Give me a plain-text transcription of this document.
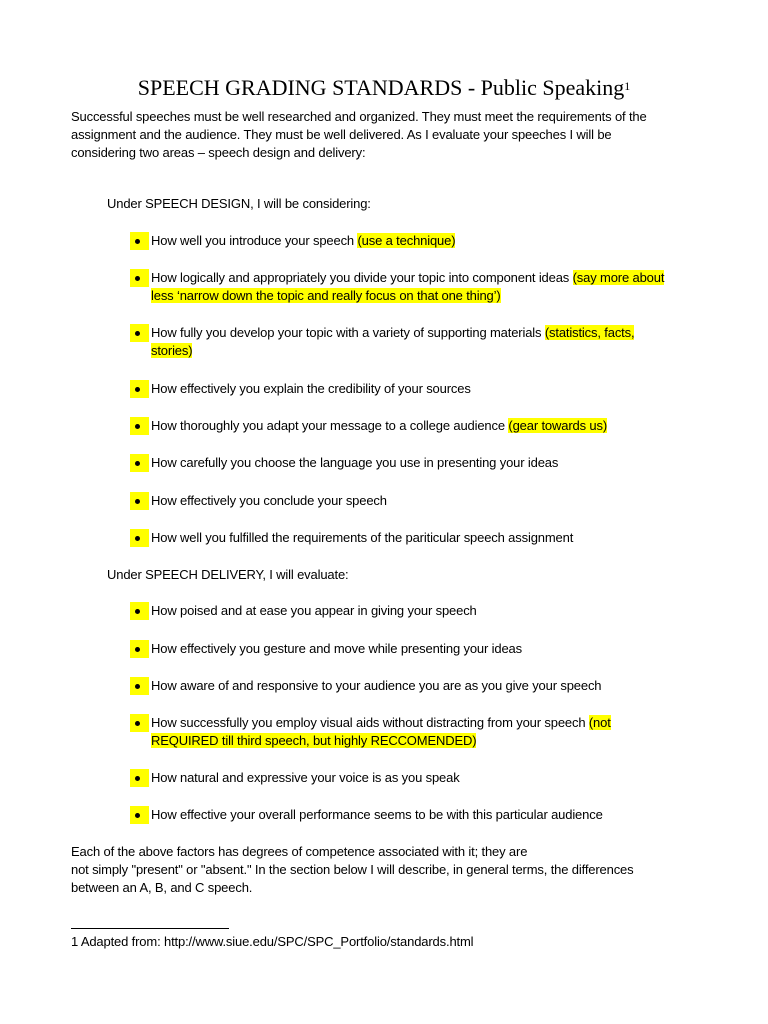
SPEECH GRADING STANDARDS - Public Speaking$^1$

Successful speeches must be well researched and organized. They must meet the requirements of the
assignment and the audience. They must be well delivered. As I evaluate your speeches I will be
considering two areas – speech design and delivery:

Under SPEECH DESIGN, I will be considering:

How well you introduce your speech (use a technique)
How logically and appropriately you divide your topic into component ideas (say more about less ‘narrow down the topic and really focus on that one thing’)
How fully you develop your topic with a variety of supporting materials (statistics, facts, stories)
How effectively you explain the credibility of your sources
How thoroughly you adapt your message to a college audience (gear towards us)
How carefully you choose the language you use in presenting your ideas
How effectively you conclude your speech
How well you fulfilled the requirements of the pariticular speech assignment

Under SPEECH DELIVERY, I will evaluate:

How poised and at ease you appear in giving your speech
How effectively you gesture and move while presenting your ideas
How aware of and responsive to your audience you are as you give your speech
How successfully you employ visual aids without distracting from your speech (not REQUIRED till third speech, but highly RECCOMENDED)
How natural and expressive your voice is as you speak
How effective your overall performance seems to be with this particular audience

Each of the above factors has degrees of competence associated with it; they are
not simply "present" or "absent." In the section below I will describe, in general terms, the differences
between an A, B, and C speech.

1 Adapted from: http://www.siue.edu/SPC/SPC_Portfolio/standards.html
